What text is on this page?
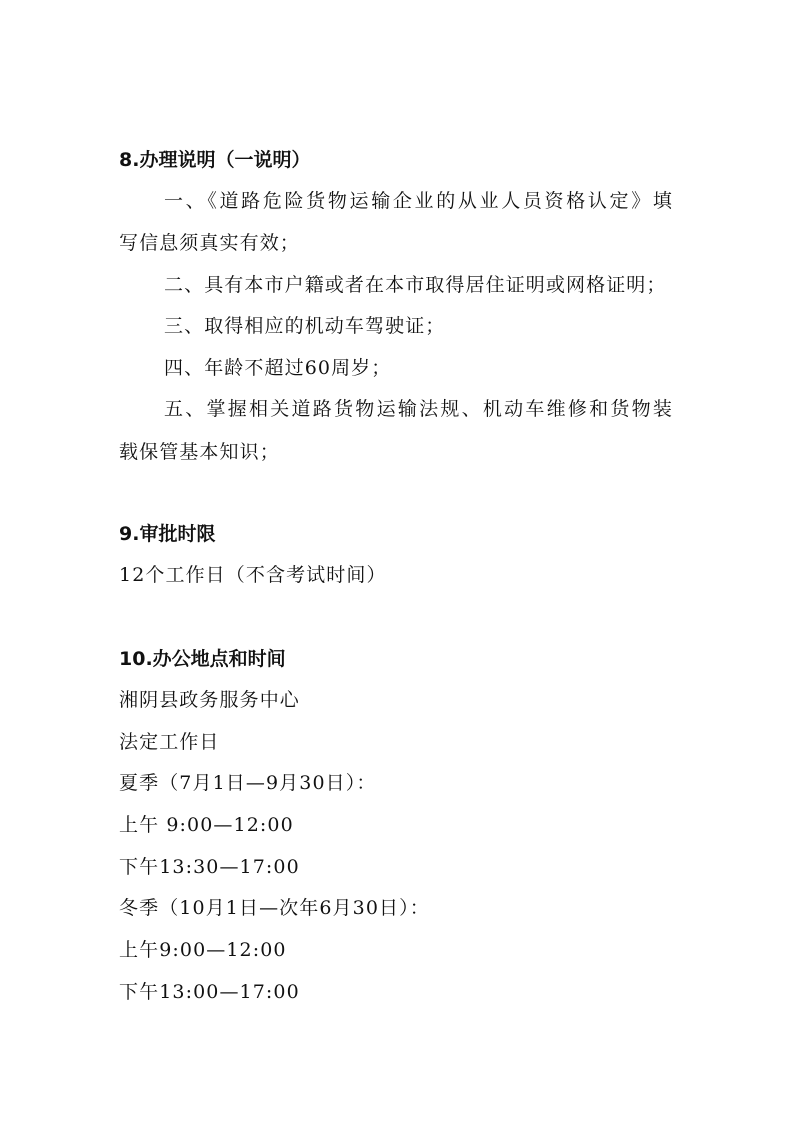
8.办理说明（一说明）
一、《道路危险货物运输企业的从业人员资格认定》填
写信息须真实有效；
二、具有本市户籍或者在本市取得居住证明或网格证明；
三、取得相应的机动车驾驶证；
四、年龄不超过60周岁；
五、掌握相关道路货物运输法规、机动车维修和货物装
载保管基本知识；
9.审批时限
12个工作日（不含考试时间）
10.办公地点和时间
湘阴县政务服务中心
法定工作日
夏季（7月1日—9月30日）：
上午 9:00—12:00
下午13:30—17:00
冬季（10月1日—次年6月30日）：
上午9:00—12:00
下午13:00—17:00
